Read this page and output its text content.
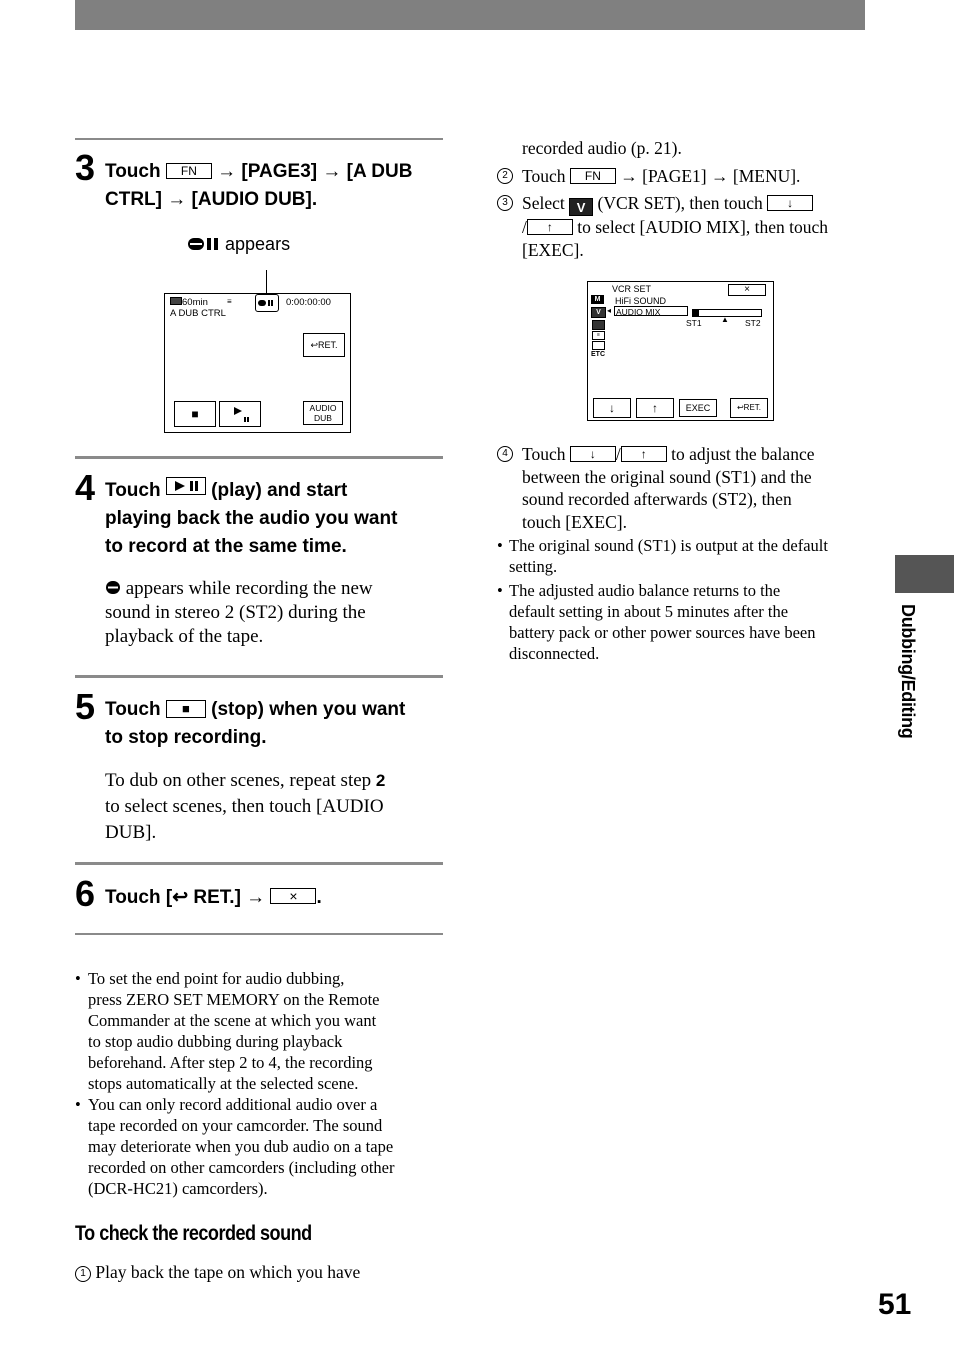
3 Touch FN → [PAGE3] → [A DUB
CTRL] → [AUDIO DUB].
appears
60min ≡	0:00:00:00
A DUB CTRL
↩RET.
■	AUDIO
DUB
4 Touch	(play) and start
playing back the audio you want
to record at the same time.
appears while recording the new
sound in stereo 2 (ST2) during the
playback of the tape.
5 Touch ■ (stop) when you want
to stop recording.
To dub on other scenes, repeat step 2
to select scenes, then touch [AUDIO
DUB].
6 Touch [↩ RET.] → × .
• To set the end point for audio dubbing,
press ZERO SET MEMORY on the Remote
Commander at the scene at which you want
to stop audio dubbing during playback
beforehand. After step 2 to 4, the recording
stops automatically at the selected scene.
• You can only record additional audio over a
tape recorded on your camcorder. The sound
may deteriorate when you dub audio on a tape
recorded on other camcorders (including other
(DCR-HC21) camcorders).
To check the recorded sound
1 Play back the tape on which you have
recorded audio (p. 21).
2 Touch FN → [PAGE1] → [MENU].
3 Select V (VCR SET), then touch ↓
/ ↑ to select [AUDIO MIX], then touch
[EXEC].
VCR SET	×
M	HiFi SOUND
V ◂ AUDIO MIX
ST1 ▲ ST2
≡
ETC
↓	↑	EXEC	↩RET.
4 Touch ↓ / ↑ to adjust the balance
between the original sound (ST1) and the
sound recorded afterwards (ST2), then
touch [EXEC].
• The original sound (ST1) is output at the default
setting.
• The adjusted audio balance returns to the
default setting in about 5 minutes after the
battery pack or other power sources have been
disconnected.	Dubbing/Editing
51
